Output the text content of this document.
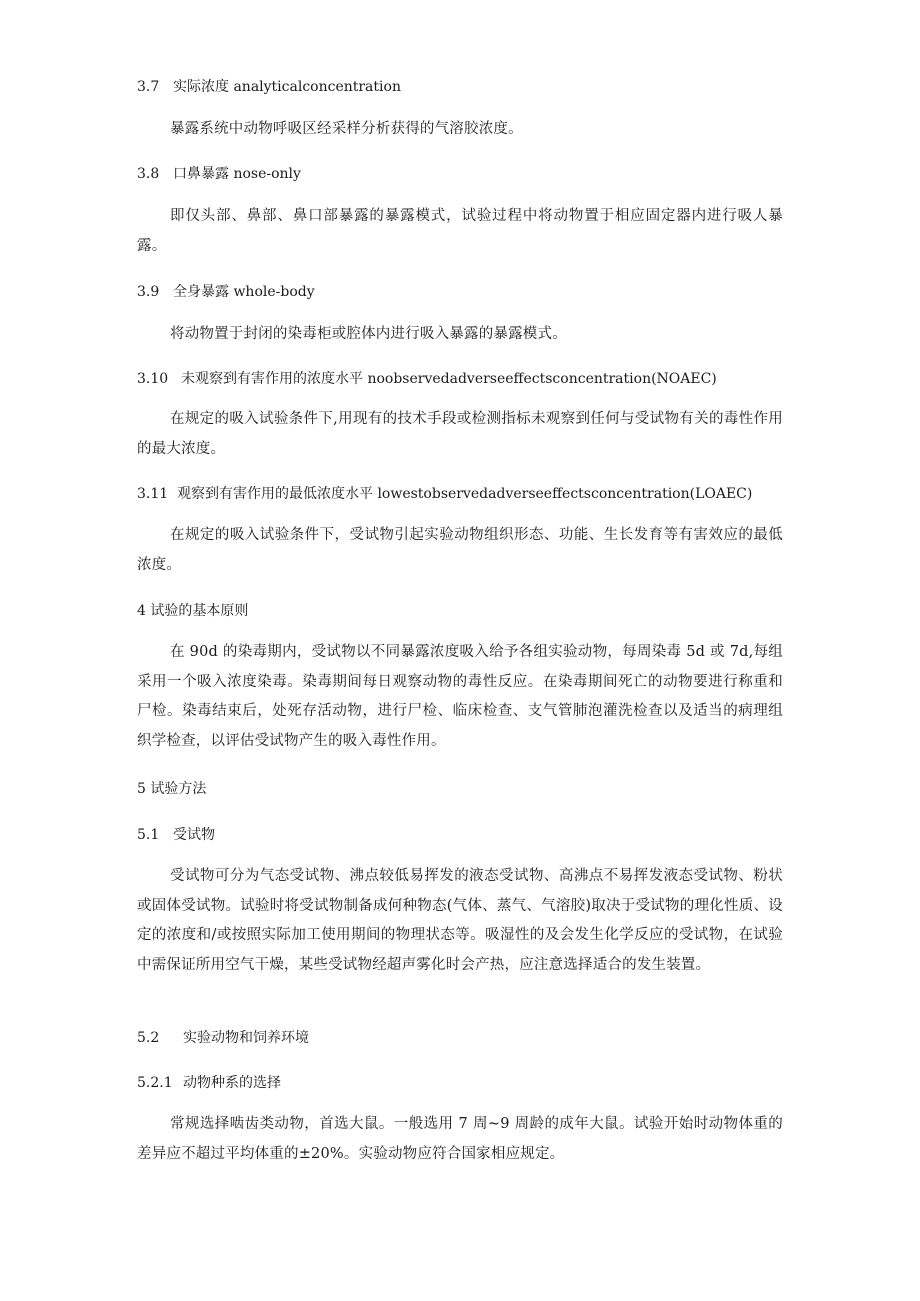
3.7 实际浓度 analyticalconcentration
暴露系统中动物呼吸区经采样分析获得的气溶胶浓度。
3.8 口鼻暴露 nose-only
即仅头部、鼻部、鼻口部暴露的暴露模式，试验过程中将动物置于相应固定器内进行吸人暴露。
3.9 全身暴露 whole-body
将动物置于封闭的染毒柜或腔体内进行吸入暴露的暴露模式。
3.10 未观察到有害作用的浓度水平 noobservedadverseeffectsconcentration(NOAEC)
在规定的吸入试验条件下,用现有的技术手段或检测指标未观察到任何与受试物有关的毒性作用的最大浓度。
3.11 观察到有害作用的最低浓度水平 lowestobservedadverseeffectsconcentration(LOAEC)
在规定的吸入试验条件下，受试物引起实验动物组织形态、功能、生长发育等有害效应的最低浓度。
4 试验的基本原则
在 90d 的染毒期内，受试物以不同暴露浓度吸入给予各组实验动物，每周染毒 5d 或 7d,每组采用一个吸入浓度染毒。染毒期间每日观察动物的毒性反应。在染毒期间死亡的动物要进行称重和尸检。染毒结束后，处死存活动物，进行尸检、临床检查、支气管肺泡灌洗检查以及适当的病理组织学检查，以评估受试物产生的吸入毒性作用。
5 试验方法
5.1 受试物
受试物可分为气态受试物、沸点较低易挥发的液态受试物、高沸点不易挥发液态受试物、粉状或固体受试物。试验时将受试物制备成何种物态(气体、蒸气、气溶胶)取决于受试物的理化性质、设定的浓度和/或按照实际加工使用期间的物理状态等。吸湿性的及会发生化学反应的受试物，在试验中需保证所用空气干燥，某些受试物经超声雾化时会产热，应注意选择适合的发生装置。
5.2 实验动物和饲养环境
5.2.1 动物种系的选择
常规选择啮齿类动物，首选大鼠。一般选用 7 周~9 周龄的成年大鼠。试验开始时动物体重的差异应不超过平均体重的±20%。实验动物应符合国家相应规定。
